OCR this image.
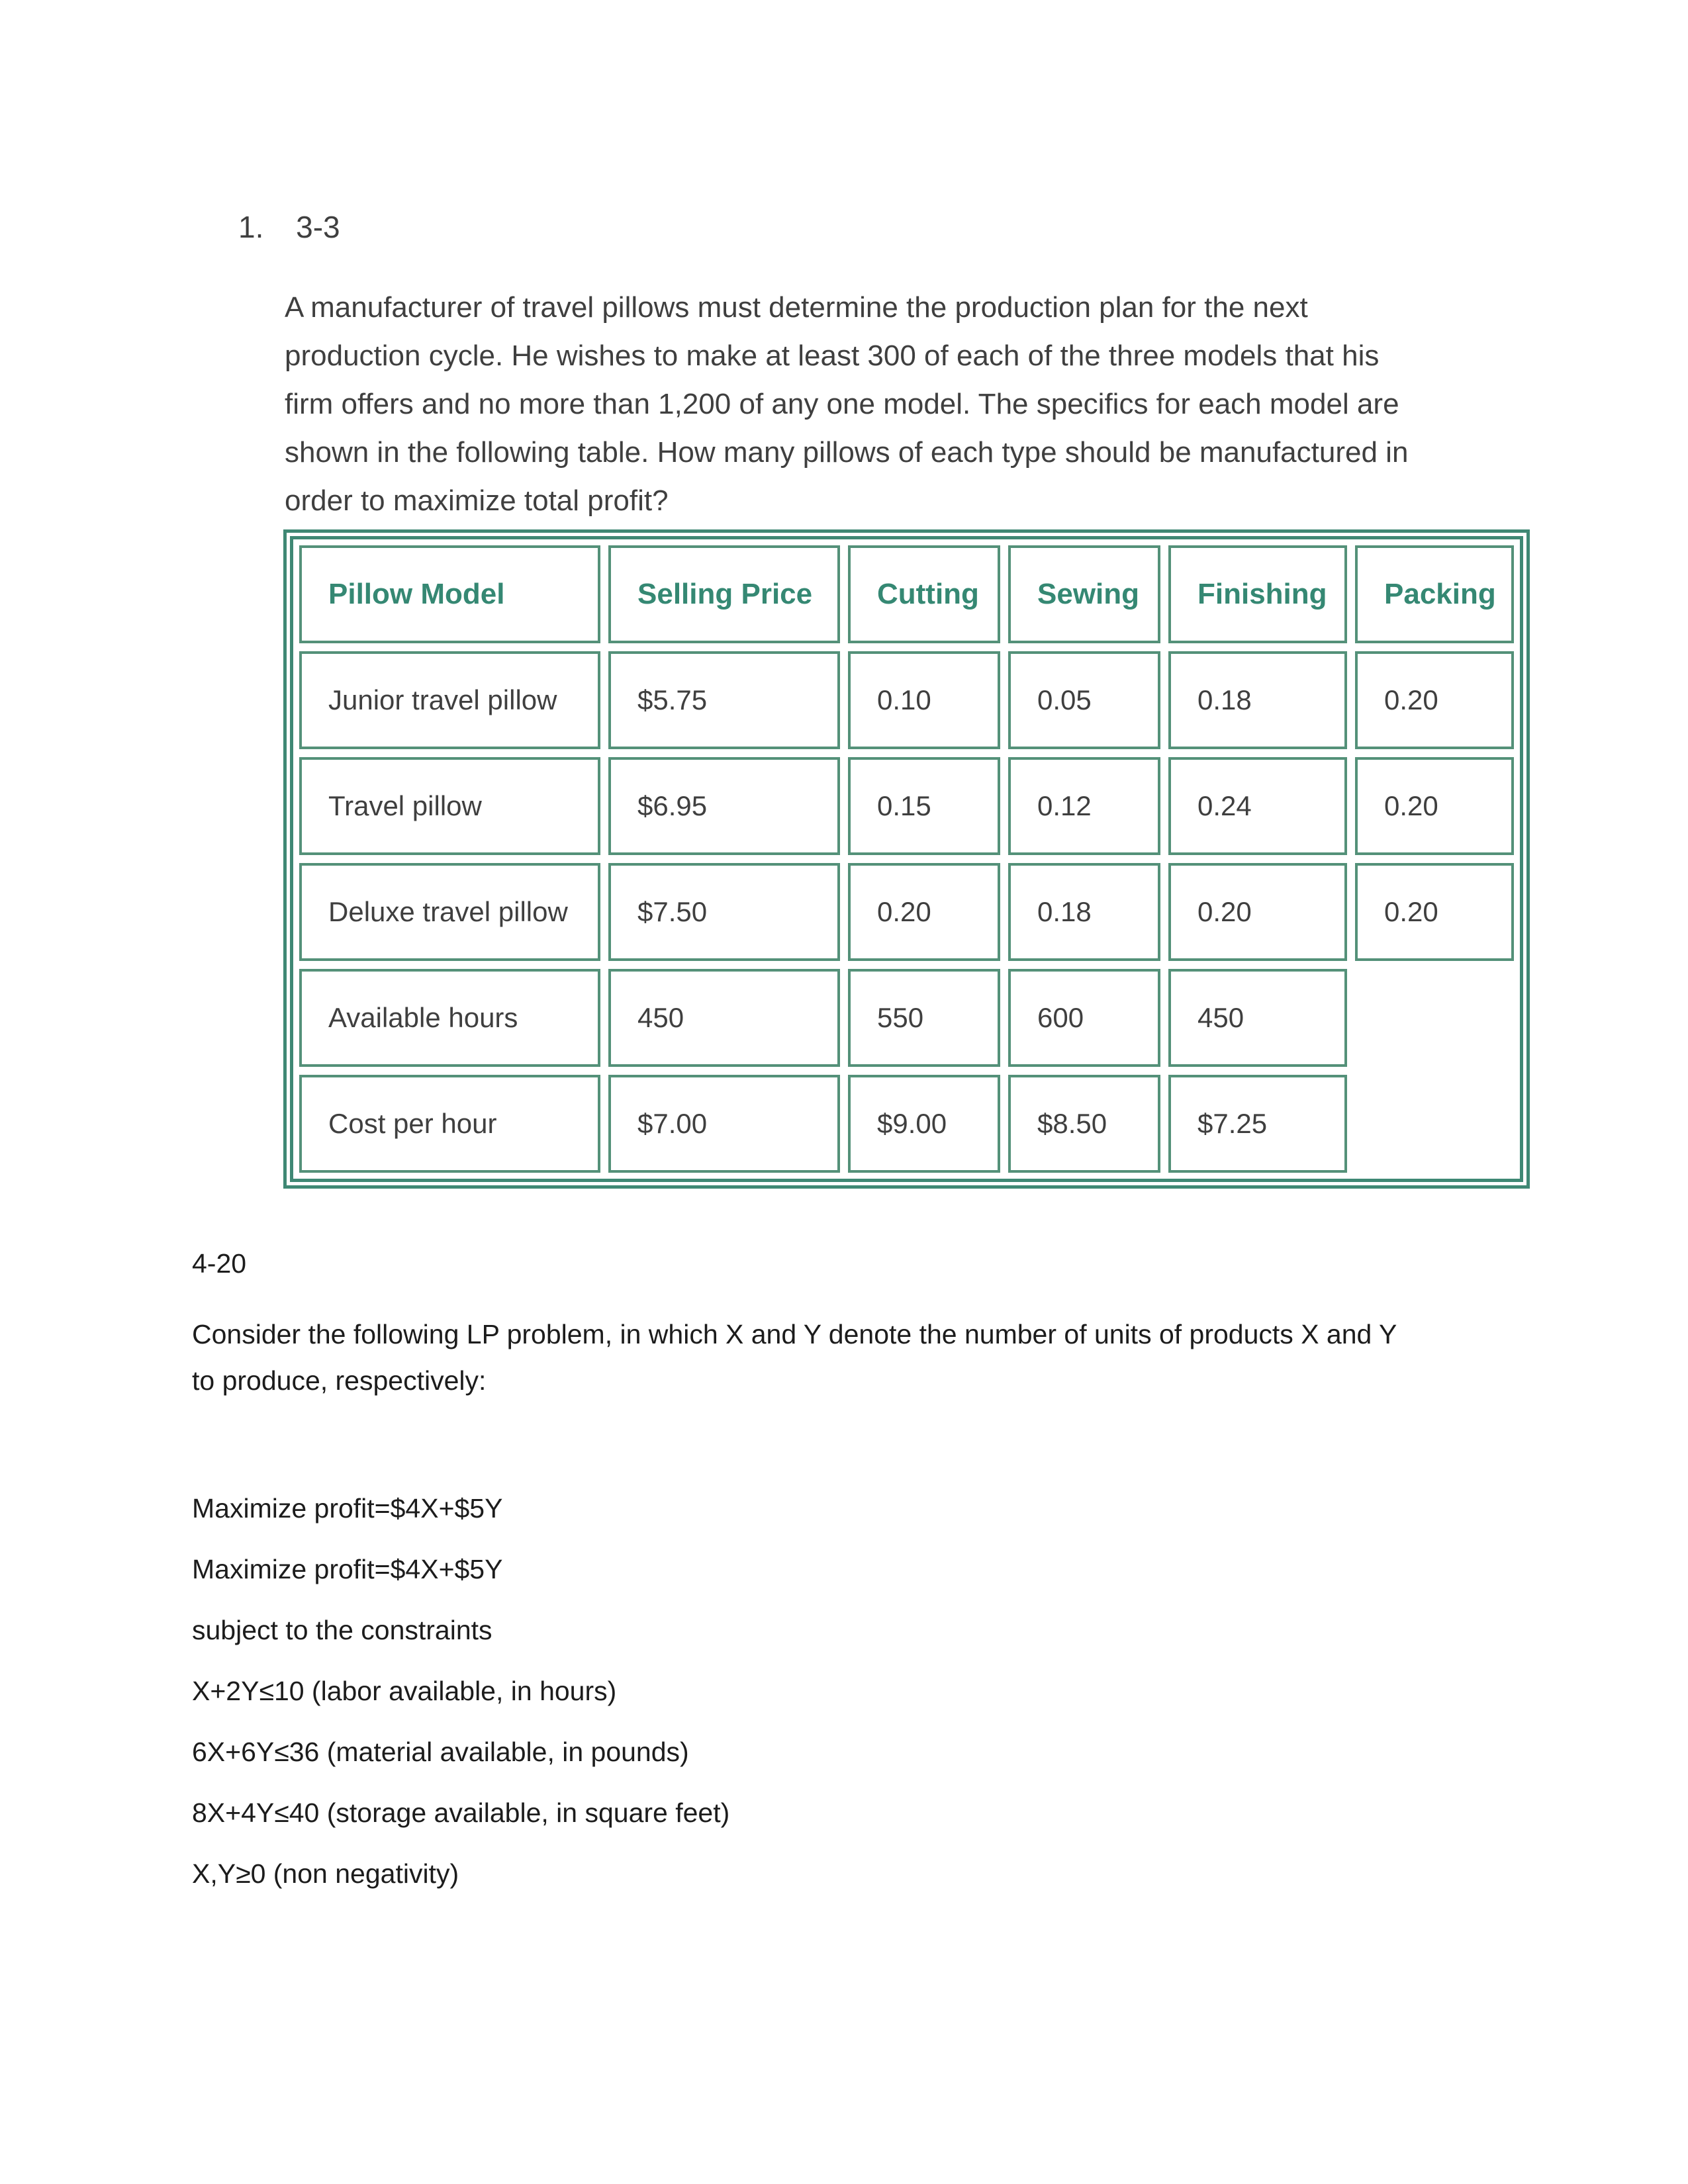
1. 3-3

A manufacturer of travel pillows must determine the production plan for the next production cycle. He wishes to make at least 300 of each of the three models that his firm offers and no more than 1,200 of any one model. The specifics for each model are shown in the following table. How many pillows of each type should be manufactured in order to maximize total profit?

Pillow Model	Selling Price	Cutting	Sewing	Finishing	Packing
Junior travel pillow	$5.75	0.10	0.05	0.18	0.20
Travel pillow	$6.95	0.15	0.12	0.24	0.20
Deluxe travel pillow	$7.50	0.20	0.18	0.20	0.20
Available hours	450	550	600	450
Cost per hour	$7.00	$9.00	$8.50	$7.25

4-20

Consider the following LP problem, in which X and Y denote the number of units of products X and Y to produce, respectively:

Maximize profit=$4X+$5Y

Maximize profit=$4X+$5Y

subject to the constraints

X+2Y≤10 (labor available, in hours)

6X+6Y≤36 (material available, in pounds)

8X+4Y≤40 (storage available, in square feet)

X,Y≥0 (non negativity)
